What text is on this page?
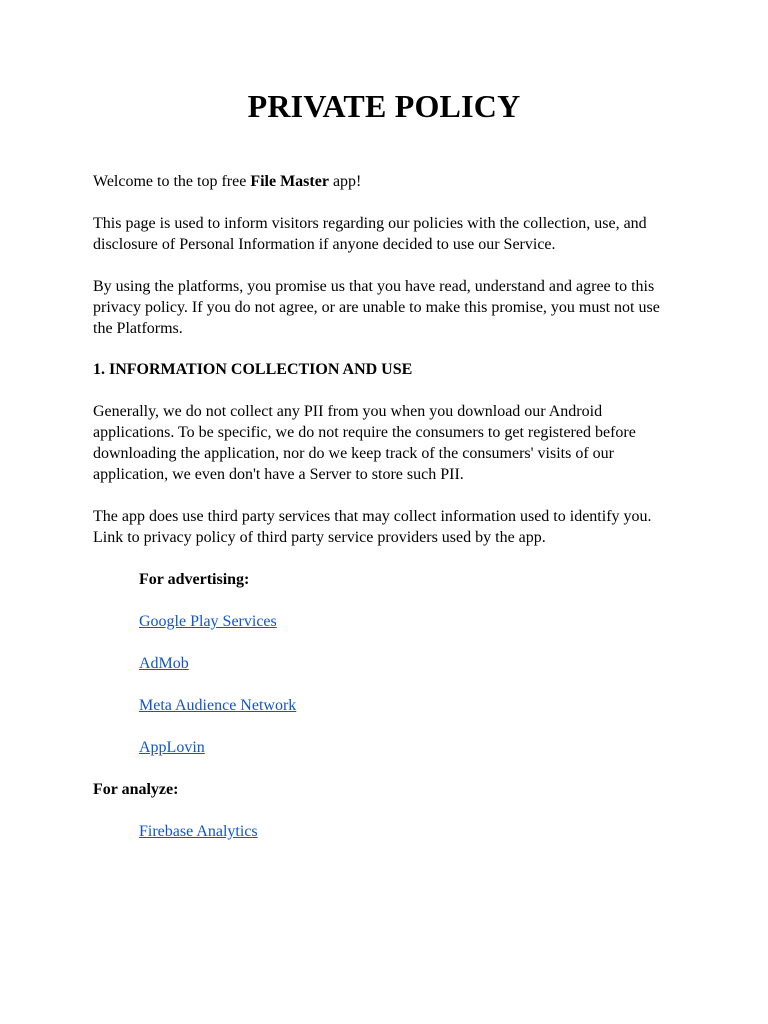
PRIVATE POLICY

Welcome to the top free File Master app!

This page is used to inform visitors regarding our policies with the collection, use, and disclosure of Personal Information if anyone decided to use our Service.

By using the platforms, you promise us that you have read, understand and agree to this privacy policy. If you do not agree, or are unable to make this promise, you must not use the Platforms.

1. INFORMATION COLLECTION AND USE

Generally, we do not collect any PII from you when you download our Android applications. To be specific, we do not require the consumers to get registered before downloading the application, nor do we keep track of the consumers' visits of our application, we even don't have a Server to store such PII.

The app does use third party services that may collect information used to identify you. Link to privacy policy of third party service providers used by the app.

For advertising:

Google Play Services
AdMob
Meta Audience Network
AppLovin

For analyze:

Firebase Analytics
